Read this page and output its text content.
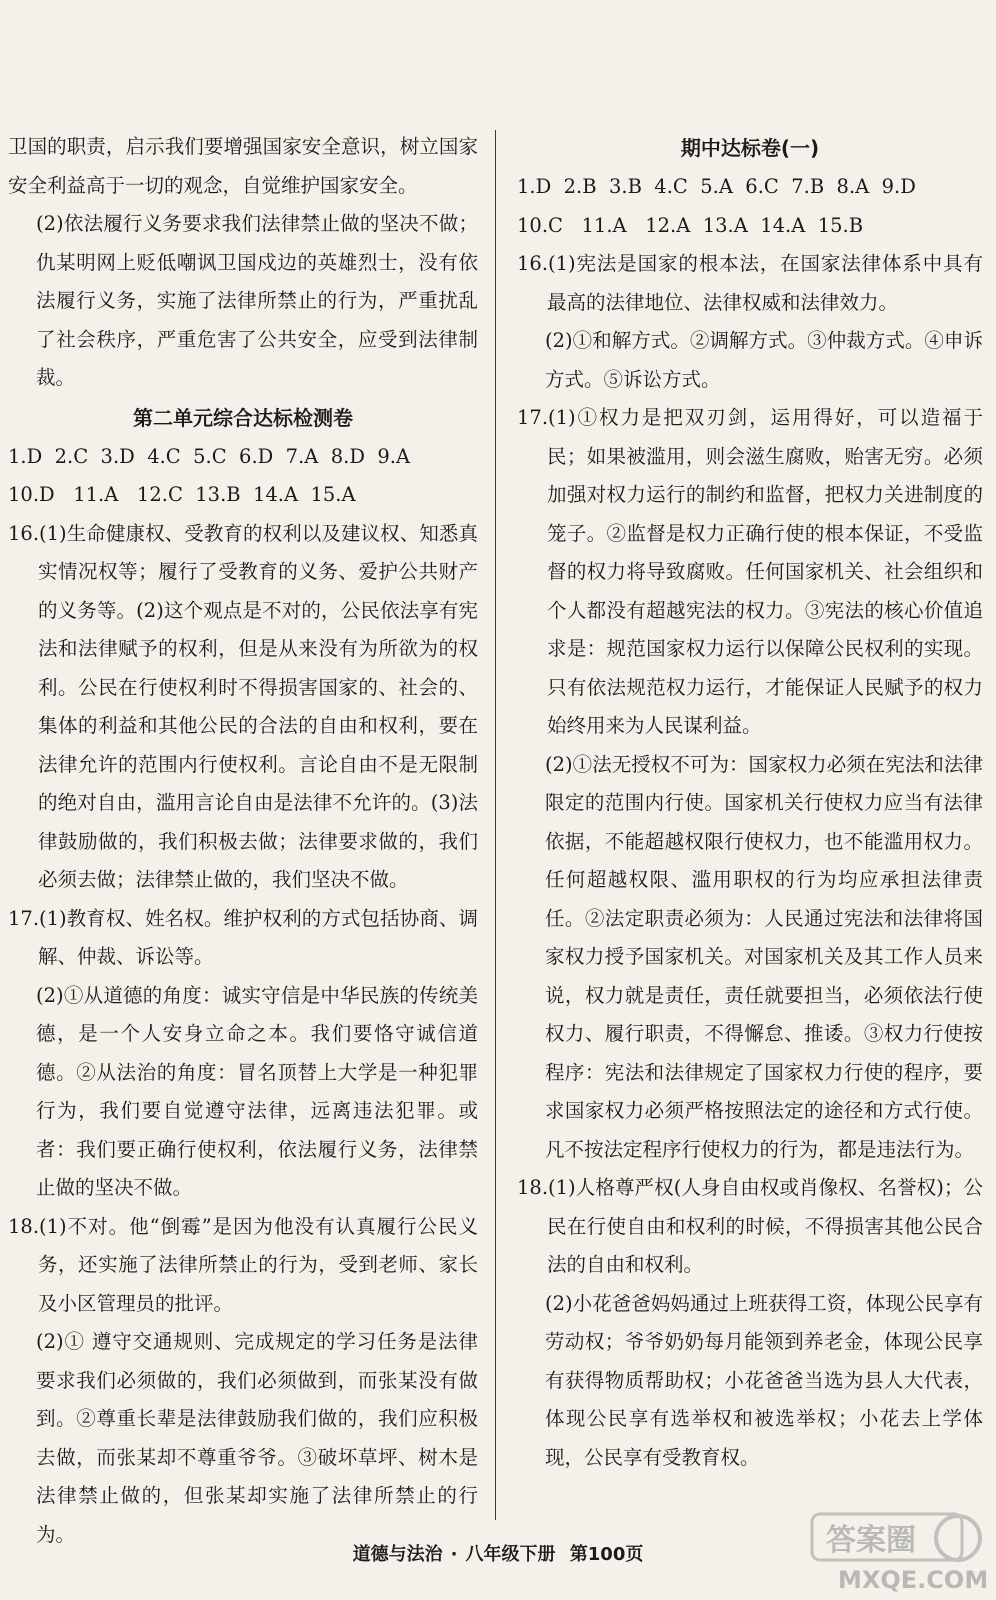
卫国的职责，启示我们要增强国家安全意识，树立国家安全利益高于一切的观念，自觉维护国家安全。

(2)依法履行义务要求我们法律禁止做的坚决不做；仇某明网上贬低嘲讽卫国戍边的英雄烈士，没有依法履行义务，实施了法律所禁止的行为，严重扰乱了社会秩序，严重危害了公共安全，应受到法律制裁。

第二单元综合达标检测卷

1.D  2.C  3.D  4.C  5.C  6.D  7.A  8.D  9.A

10.D   11.A   12.C  13.B  14.A  15.A

16.(1)生命健康权、受教育的权利以及建议权、知悉真实情况权等；履行了受教育的义务、爱护公共财产的义务等。(2)这个观点是不对的，公民依法享有宪法和法律赋予的权利，但是从来没有为所欲为的权利。公民在行使权利时不得损害国家的、社会的、集体的利益和其他公民的合法的自由和权利，要在法律允许的范围内行使权利。言论自由不是无限制的绝对自由，滥用言论自由是法律不允许的。(3)法律鼓励做的，我们积极去做；法律要求做的，我们必须去做；法律禁止做的，我们坚决不做。

17.(1)教育权、姓名权。维护权利的方式包括协商、调解、仲裁、诉讼等。

(2)①从道德的角度：诚实守信是中华民族的传统美德，是一个人安身立命之本。我们要恪守诚信道德。②从法治的角度：冒名顶替上大学是一种犯罪行为，我们要自觉遵守法律，远离违法犯罪。或者：我们要正确行使权利，依法履行义务，法律禁止做的坚决不做。

18.(1)不对。他“倒霉”是因为他没有认真履行公民义务，还实施了法律所禁止的行为，受到老师、家长及小区管理员的批评。

(2)① 遵守交通规则、完成规定的学习任务是法律要求我们必须做的，我们必须做到，而张某没有做到。②尊重长辈是法律鼓励我们做的，我们应积极去做，而张某却不尊重爷爷。③破坏草坪、树木是法律禁止做的，但张某却实施了法律所禁止的行为。

期中达标卷(一)

1.D  2.B  3.B  4.C  5.A  6.C  7.B  8.A  9.D

10.C   11.A   12.A  13.A  14.A  15.B

16.(1)宪法是国家的根本法，在国家法律体系中具有最高的法律地位、法律权威和法律效力。

(2)①和解方式。②调解方式。③仲裁方式。④申诉方式。⑤诉讼方式。

17.(1)①权力是把双刃剑，运用得好，可以造福于民；如果被滥用，则会滋生腐败，贻害无穷。必须加强对权力运行的制约和监督，把权力关进制度的笼子。②监督是权力正确行使的根本保证，不受监督的权力将导致腐败。任何国家机关、社会组织和个人都没有超越宪法的权力。③宪法的核心价值追求是：规范国家权力运行以保障公民权利的实现。只有依法规范权力运行，才能保证人民赋予的权力始终用来为人民谋利益。

(2)①法无授权不可为：国家权力必须在宪法和法律限定的范围内行使。国家机关行使权力应当有法律依据，不能超越权限行使权力，也不能滥用权力。任何超越权限、滥用职权的行为均应承担法律责任。②法定职责必须为：人民通过宪法和法律将国家权力授予国家机关。对国家机关及其工作人员来说，权力就是责任，责任就要担当，必须依法行使权力、履行职责，不得懈怠、推诿。③权力行使按程序：宪法和法律规定了国家权力行使的程序，要求国家权力必须严格按照法定的途径和方式行使。凡不按法定程序行使权力的行为，都是违法行为。

18.(1)人格尊严权(人身自由权或肖像权、名誉权)；公民在行使自由和权利的时候，不得损害其他公民合法的自由和权利。

(2)小花爸爸妈妈通过上班获得工资，体现公民享有劳动权；爷爷奶奶每月能领到养老金，体现公民享有获得物质帮助权；小花爸爸当选为县人大代表，体现公民享有选举权和被选举权；小花去上学体现，公民享有受教育权。

道德与法治 · 八年级下册 第100页	答案圈
MXQE.COM
